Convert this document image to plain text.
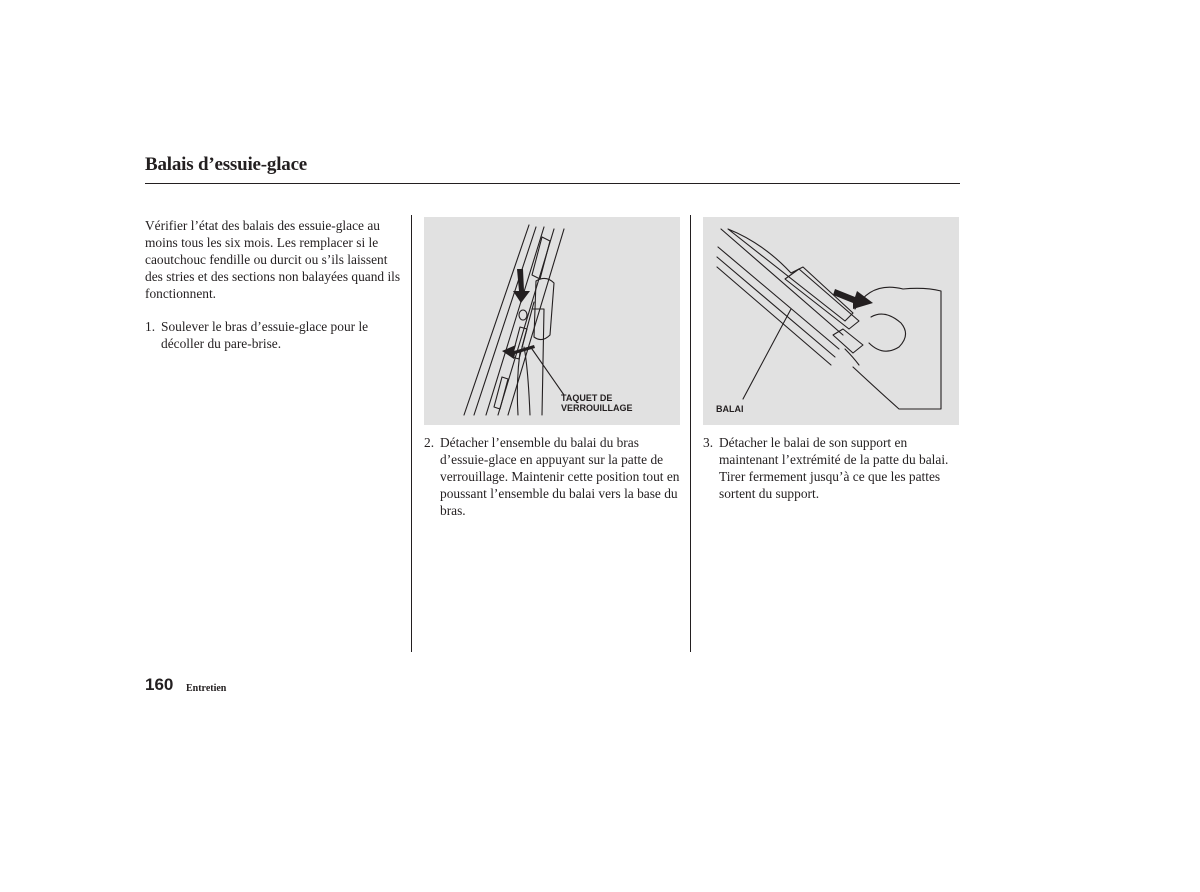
Balais d’essuie-glace
Vérifier l’état des balais des essuie-glace au moins tous les six mois. Les remplacer si le caoutchouc fendille ou durcit ou s’ils laissent des stries et des sections non balayées quand ils fonctionnent.
1. Soulever le bras d’essuie-glace pour le décoller du pare-brise.
TAQUET DE
VERROUILLAGE
2. Détacher l’ensemble du balai du bras d’essuie-glace en appuyant sur la patte de verrouillage. Maintenir cette position tout en poussant l’ensemble du balai vers la base du bras.
BALAI
3. Détacher le balai de son support en maintenant l’extrémité de la patte du balai. Tirer fermement jusqu’à ce que les pattes sortent du support.
160 Entretien
